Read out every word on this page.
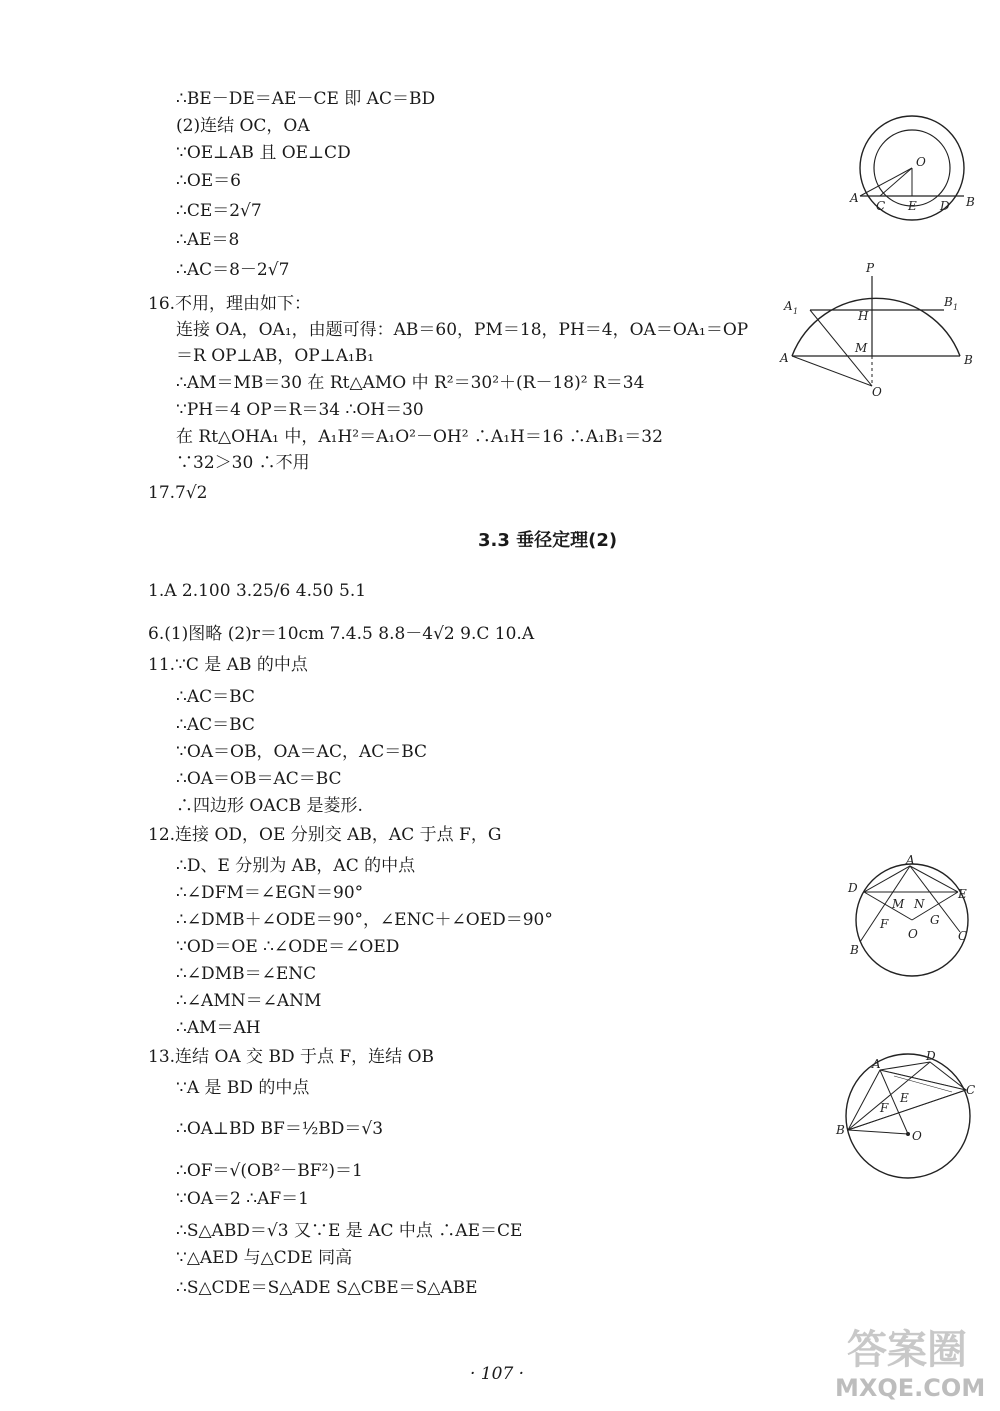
∴BE－DE＝AE－CE 即 AC＝BD
(2)连结 OC，OA
∵OE⊥AB 且 OE⊥CD
∴OE＝6
∴CE＝2√7
∴AE＝8
∴AC＝8－2√7
16.不用，理由如下：
连接 OA，OA₁，由题可得：AB＝60，PM＝18，PH＝4，OA＝OA₁＝OP
＝R OP⊥AB，OP⊥A₁B₁
∴AM＝MB＝30 在 Rt△AMO 中 R²＝30²＋(R－18)² R＝34
∵PH＝4 OP＝R＝34 ∴OH＝30
在 Rt△OHA₁ 中，A₁H²＝A₁O²－OH² ∴A₁H＝16 ∴A₁B₁＝32
∵32＞30 ∴不用
17.7√2
1.A 2.100 3.25/6 4.50 5.1
6.(1)图略 (2)r＝10cm 7.4.5 8.8－4√2 9.C 10.A
11.∵C 是 AB 的中点
∴AC＝BC
∴AC＝BC
∵OA＝OB，OA＝AC，AC＝BC
∴OA＝OB＝AC＝BC
∴四边形 OACB 是菱形.
12.连接 OD，OE 分别交 AB，AC 于点 F，G
∴D、E 分别为 AB，AC 的中点
∴∠DFM＝∠EGN＝90°
∴∠DMB＋∠ODE＝90°，∠ENC＋∠OED＝90°
∵OD＝OE ∴∠ODE＝∠OED
∴∠DMB＝∠ENC
∴∠AMN＝∠ANM
∴AM＝AH
13.连结 OA 交 BD 于点 F，连结 OB
∵A 是 BD 的中点
∴OA⊥BD BF＝½BD＝√3
∴OF＝√(OB²－BF²)＝1
∵OA＝2 ∴AF＝1
∴S△ABD＝√3 又∵E 是 AC 中点 ∴AE＝CE
∵△AED 与△CDE 同高
∴S△CDE＝S△ADE S△CBE＝S△ABE
3.3 垂径定理(2)
A
C E D B
O
P
A 1
B 1
H
M
A	B
O
A
D	E
M N
F	G
O
B
C
A
D
C
E
F
B	O
· 107 ·
答案圈
MXQE.COM
